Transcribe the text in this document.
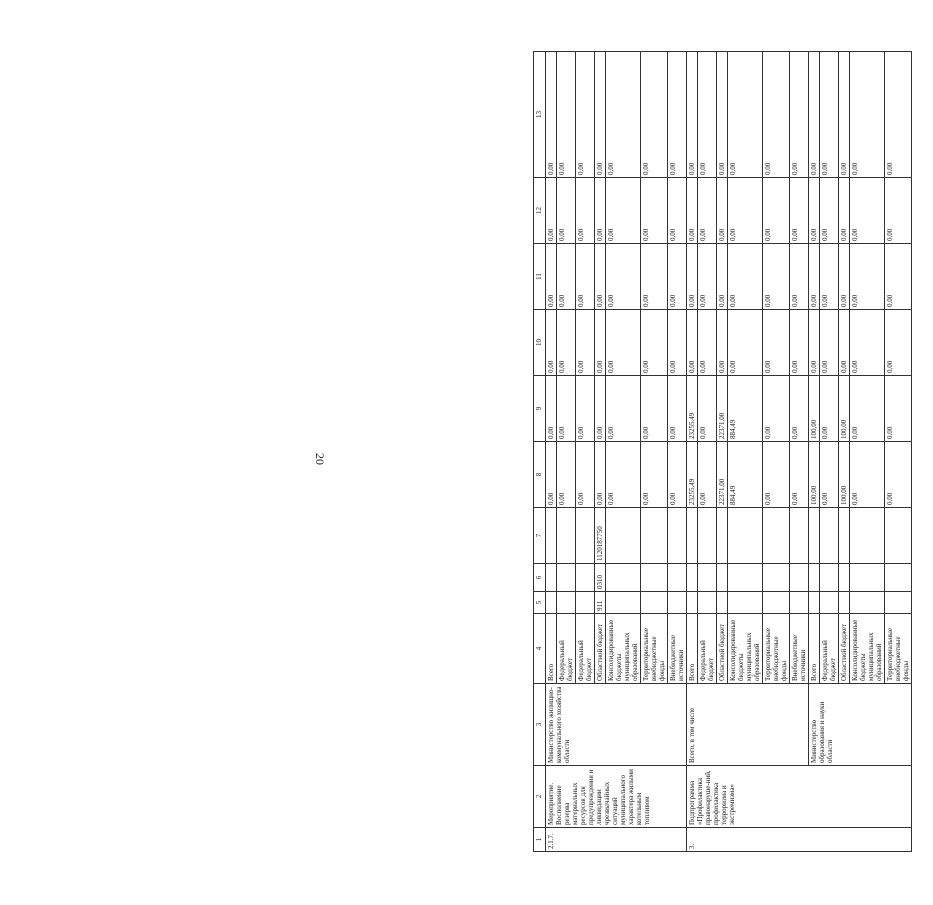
20
1	2	3	4	5	6	7	8	9	10	11	12	13
2.1.7.	Мероприятие. Восполнение резерва материальных ресурсов для предупреждения и ликвидации чрезвычайных ситуаций муниципального характера жилыми котельным топливом	Министерство жилищно-коммунального хозяйства области	Всего				0,00	0,00	0,00	0,00	0,00	0,00
			Федеральный бюджет				0,00	0,00	0,00	0,00	0,00	0,00
			Федеральный бюджет				0,00	0,00	0,00	0,00	0,00	0,00
			Областной бюджет	911	0310	1120187750	0,00	0,00	0,00	0,00	0,00	0,00
			Консолидированные бюджеты муниципальных образований				0,00	0,00	0,00	0,00	0,00	0,00
			Территориальные внебюджетные фонды				0,00	0,00	0,00	0,00	0,00	0,00
			Внебюджетные источники				0,00	0,00	0,00	0,00	0,00	0,00
3.	Подпрограмма «Профилактика правонаруше-ний, профилактика терроризма и экстремизма»	Всего, в том числе	Всего				23255,49	23255,49	0,00	0,00	0,00	0,00
			Федеральный бюджет				0,00	0,00	0,00	0,00	0,00	0,00
			Областной бюджет				22371,00	22371,00	0,00	0,00	0,00	0,00
			Консолидированные бюджеты муниципальных образований				884,49	884,49	0,00	0,00	0,00	0,00
			Территориальные внебюджетные фонды				0,00	0,00	0,00	0,00	0,00	0,00
			Внебюджетные источники				0,00	0,00	0,00	0,00	0,00	0,00
		Министерство образования и науки области	Всего				100,00	100,00	0,00	0,00	0,00	0,00
			Федеральный бюджет				0,00	0,00	0,00	0,00	0,00	0,00
			Областной бюджет				100,00	100,00	0,00	0,00	0,00	0,00
			Консолидированные бюджеты муниципальных образований				0,00	0,00	0,00	0,00	0,00	0,00
			Территориальные внебюджетные фонды				0,00	0,00	0,00	0,00	0,00	0,00
